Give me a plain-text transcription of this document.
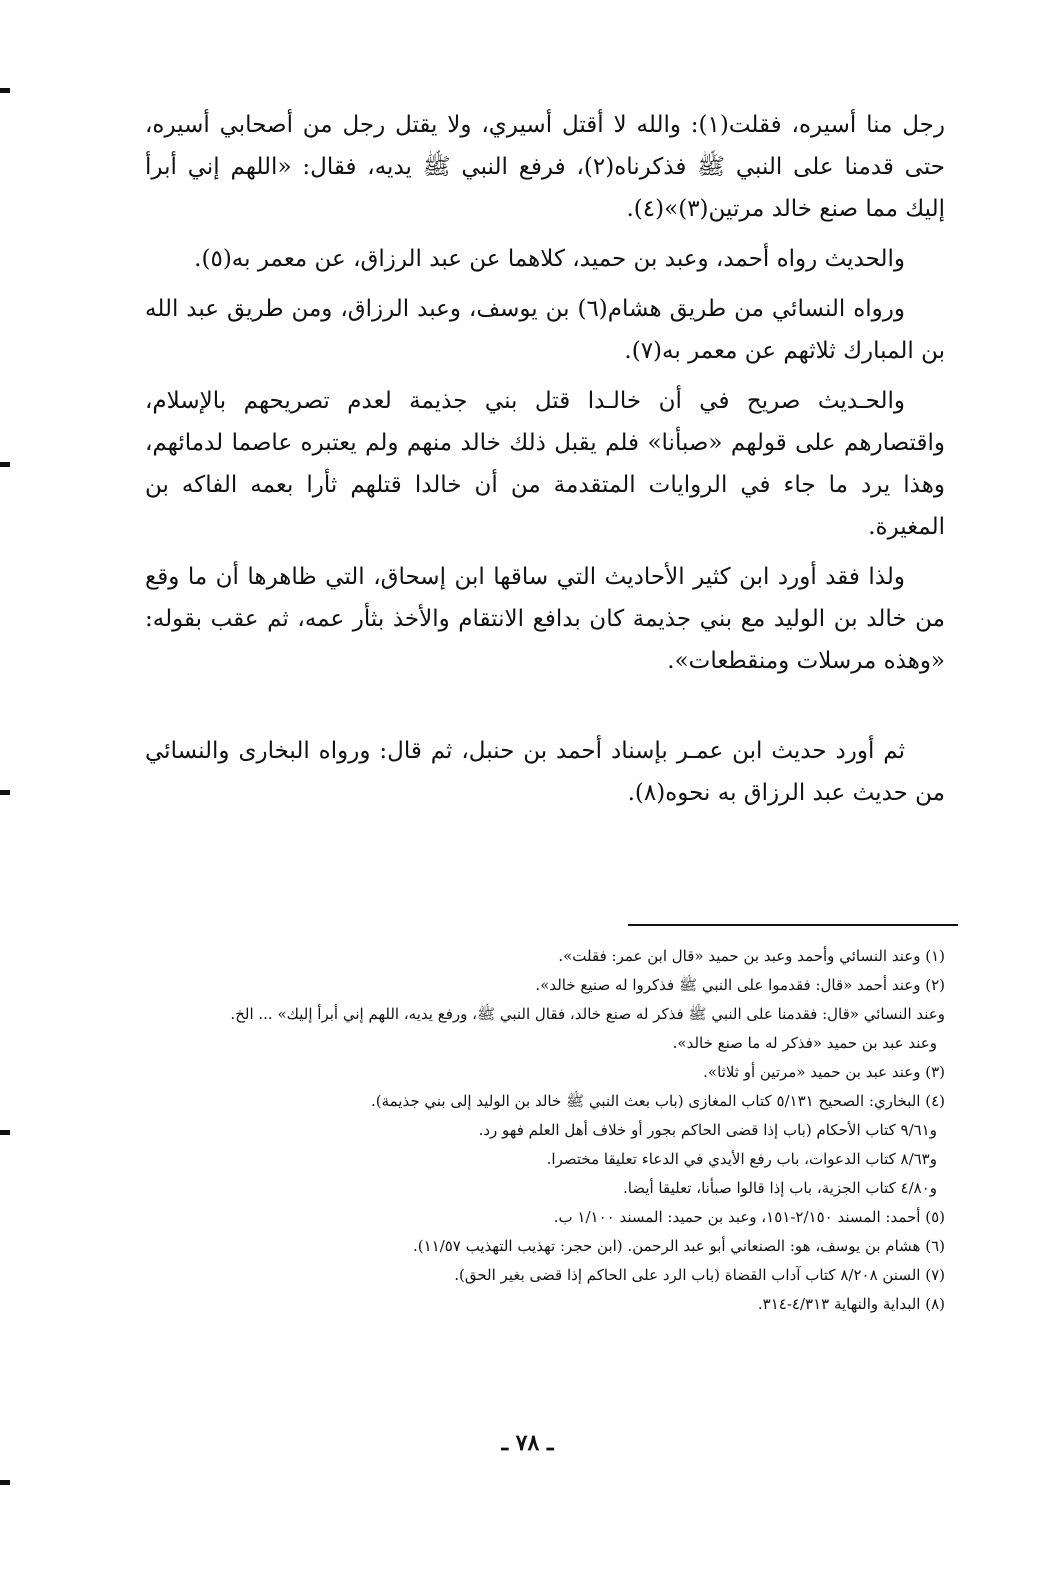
رجل منا أسيره، فقلت(١): والله لا أقتل أسيري، ولا يقتل رجل من أصحابي أسيره، حتى قدمنا على النبي ﷺ فذكرناه(٢)، فرفع النبي ﷺ يديه، فقال: «اللهم إني أبرأ إليك مما صنع خالد مرتين(٣)»(٤).

والحديث رواه أحمد، وعبد بن حميد، كلاهما عن عبد الرزاق، عن معمر به(٥).

ورواه النسائي من طريق هشام(٦) بن يوسف، وعبد الرزاق، ومن طريق عبد الله بن المبارك ثلاثهم عن معمر به(٧).

والحـديث صريح في أن خالـدا قتل بني جذيمة لعدم تصريحهم بالإسلام، واقتصارهم على قولهم «صبأنا» فلم يقبل ذلك خالد منهم ولم يعتبره عاصما لدمائهم، وهذا يرد ما جاء في الروايات المتقدمة من أن خالدا قتلهم ثأرا بعمه الفاكه بن المغيرة.

ولذا فقد أورد ابن كثير الأحاديث التي ساقها ابن إسحاق، التي ظاهرها أن ما وقع من خالد بن الوليد مع بني جذيمة كان بدافع الانتقام والأخذ بثأر عمه، ثم عقب بقوله: «وهذه مرسلات ومنقطعات».

ثم أورد حديث ابن عمـر بإسناد أحمد بن حنبل، ثم قال: ورواه البخارى والنسائي من حديث عبد الرزاق به نحوه(٨).

(١) وعند النسائي وأحمد وعبد بن حميد «قال ابن عمر: فقلت».
(٢) وعند أحمد «قال: فقدموا على النبي ﷺ فذكروا له صنيع خالد».
وعند النسائي «قال: فقدمنا على النبي ﷺ فذكر له صنع خالد، فقال النبي ﷺ، ورفع يديه، اللهم إني أبرأ إليك» ... الخ.
وعند عبد بن حميد «فذكر له ما صنع خالد».
(٣) وعند عبد بن حميد «مرتين أو ثلاثا».
(٤) البخاري: الصحيح ٥/١٣١ كتاب المغازى (باب بعث النبي ﷺ خالد بن الوليد إلى بني جذيمة).
و٩/٦١ كتاب الأحكام (باب إذا قضى الحاكم بجور أو خلاف أهل العلم فهو رد.
و٨/٦٣ كتاب الدعوات، باب رفع الأيدي في الدعاء تعليقا مختصرا.
و٤/٨٠ كتاب الجزية، باب إذا قالوا صبأنا، تعليقا أيضا.
(٥) أحمد: المسند ٢/١٥٠-١٥١، وعبد بن حميد: المسند ١/١٠٠ ب.
(٦) هشام بن يوسف، هو: الصنعاني أبو عبد الرحمن. (ابن حجر: تهذيب التهذيب ١١/٥٧).
(٧) السنن ٨/٢٠٨ كتاب آداب القضاة (باب الرد على الحاكم إذا قضى بغير الحق).
(٨) البداية والنهاية ٤/٣١٣-٣١٤.
ـ ٧٨ ـ
